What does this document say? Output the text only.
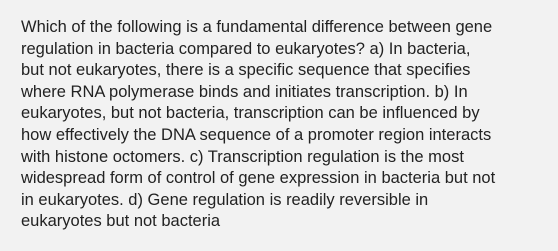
Which of the following is a fundamental difference between gene
regulation in bacteria compared to eukaryotes? a) In bacteria,
but not eukaryotes, there is a specific sequence that specifies
where RNA polymerase binds and initiates transcription. b) In
eukaryotes, but not bacteria, transcription can be influenced by
how effectively the DNA sequence of a promoter region interacts
with histone octomers. c) Transcription regulation is the most
widespread form of control of gene expression in bacteria but not
in eukaryotes. d) Gene regulation is readily reversible in
eukaryotes but not bacteria
